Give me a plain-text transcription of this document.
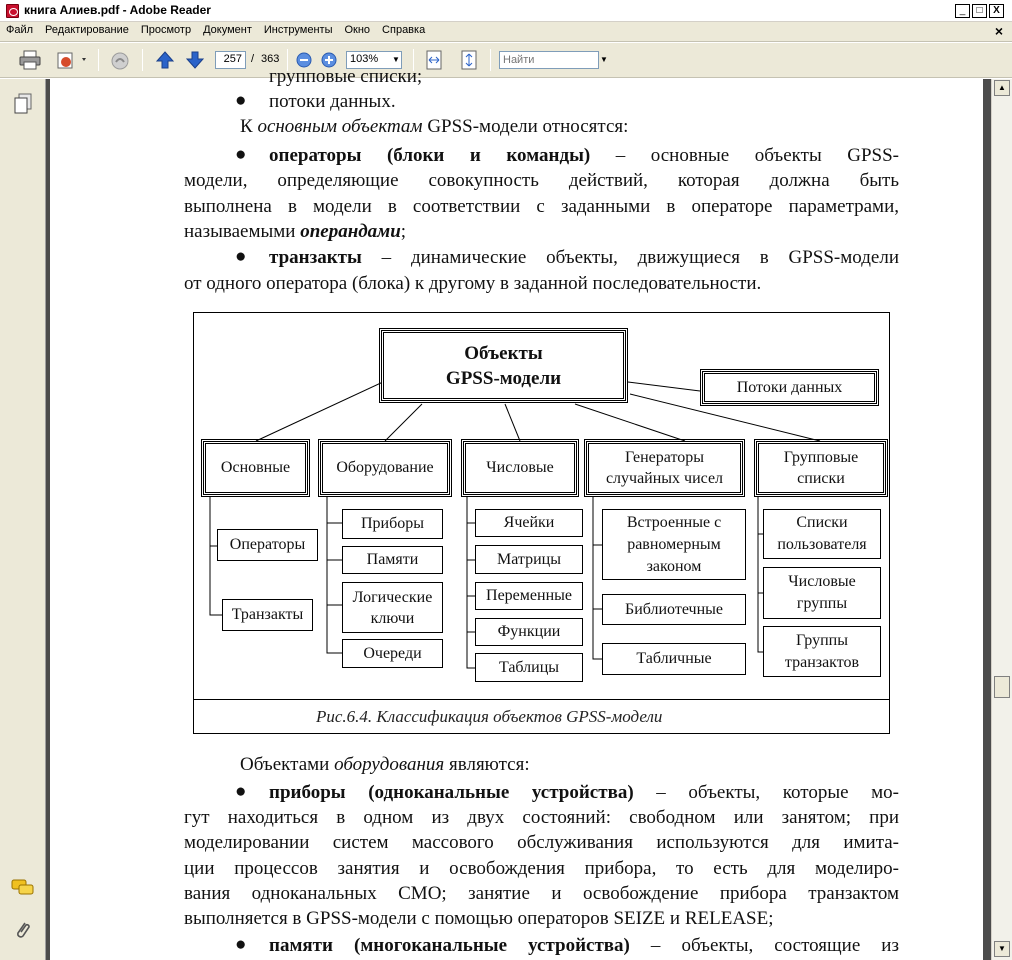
книга Алиев.pdf - Adobe Reader	_	□	X
Файл	Редактирование	Просмотр	Документ	Инструменты	Окно	Справка	×
257 / 363	103%	▼
Найти	▼
групповые списки;
● потоки данных.
К основным объектам GPSS-модели относятся:
● операторы (блоки и команды) – основные объекты GPSS-
модели, определяющие совокупность действий, которая должна быть
выполнена в модели в соответствии с заданными в операторе параметрами,
называемыми операндами;
● транзакты – динамические объекты, движущиеся в GPSS-модели
от одного оператора (блока) к другому в заданной последовательности.
Рис.6.4. Классификация объектов GPSS-модели
Объекты
GPSS-модели	Потоки данных
Основные	Оборудование	Числовые
Генераторы случайных чисел
Групповые списки
Операторы
Транзакты
Приборы
Памяти
Логические ключи
Очереди
Ячейки
Матрицы
Переменные
Функции
Таблицы
Встроенные с равномерным законом
Библиотечные
Табличные
Списки пользователя
Числовые группы
Группы транзактов
Объектами оборудования являются:
● приборы (одноканальные устройства) – объекты, которые мо-
гут находиться в одном из двух состояний: свободном или занятом; при
моделировании систем массового обслуживания используются для имита-
ции процессов занятия и освобождения прибора, то есть для моделиро-
вания одноканальных СМО; занятие и освобождение прибора транзактом
выполняется в GPSS-модели с помощью операторов SEIZE и RELEASE;
● памяти (многоканальные устройства) – объекты, состоящие из
▲
▼
